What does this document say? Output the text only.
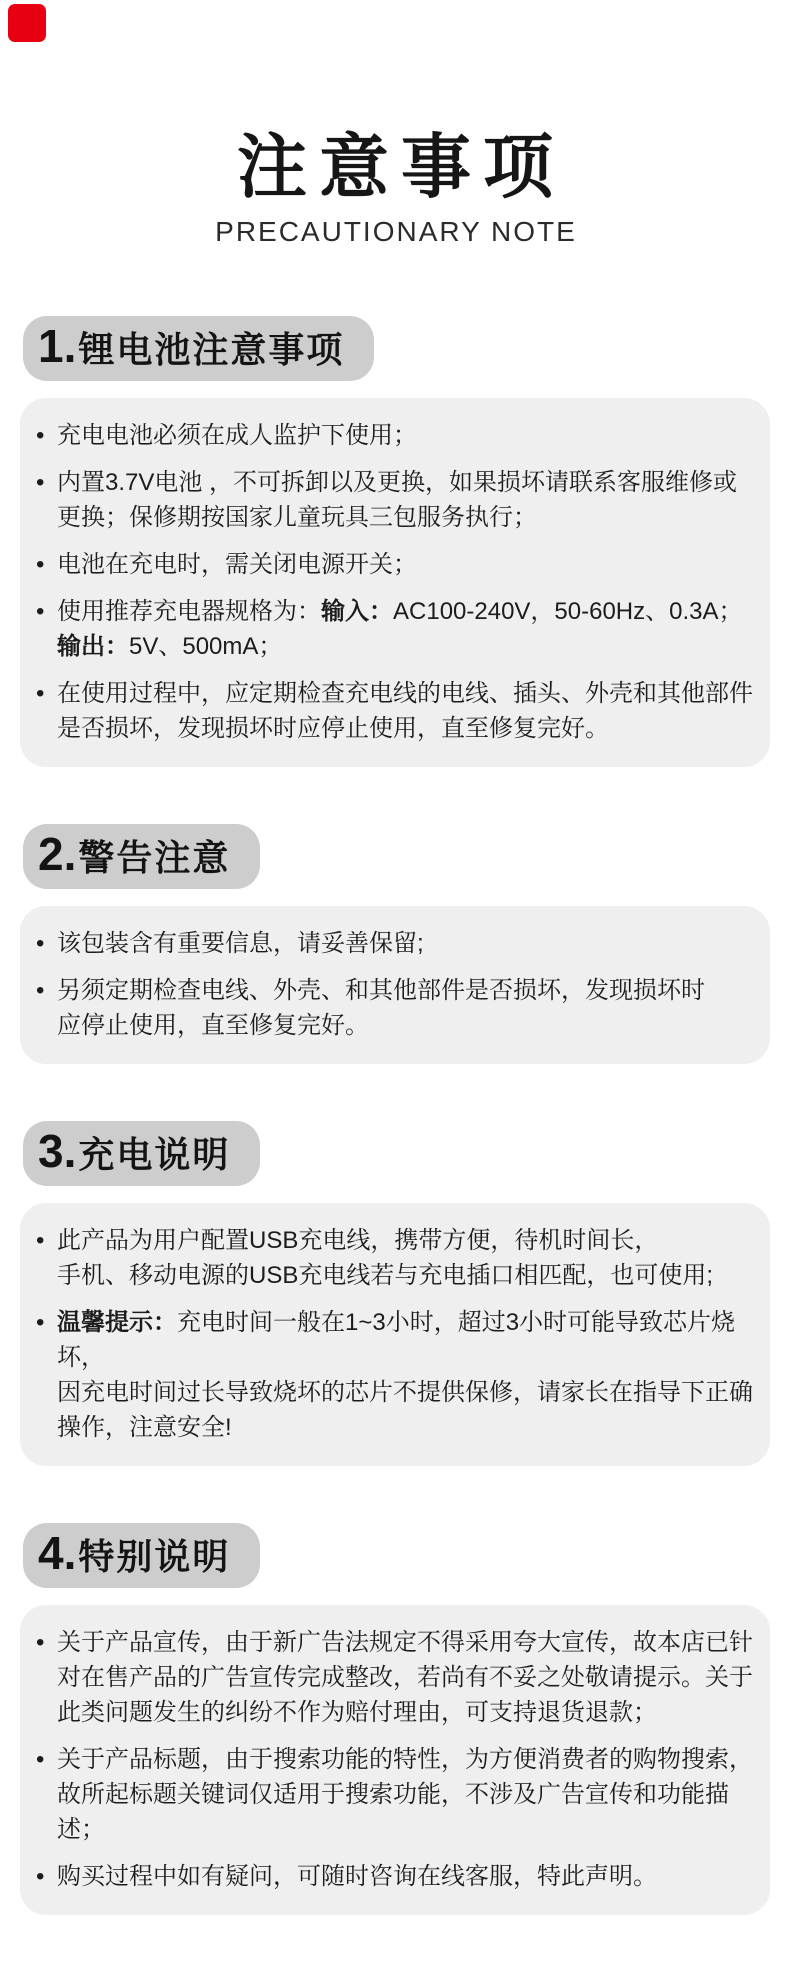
注意事项
PRECAUTIONARY NOTE
1. 锂电池注意事项
• 充电电池必须在成人监护下使用；
• 内置3.7V电池 ，不可拆卸以及更换，如果损坏请联系客服维修或
更换；保修期按国家儿童玩具三包服务执行；
• 电池在充电时，需关闭电源开关；
• 使用推荐充电器规格为：输入：AC100-240V，50-60Hz、0.3A；
输出：5V、500mA；
• 在使用过程中，应定期检查充电线的电线、插头、外壳和其他部件
是否损坏，发现损坏时应停止使用，直至修复完好。
2. 警告注意
• 该包装含有重要信息，请妥善保留;
• 另须定期检查电线、外壳、和其他部件是否损坏，发现损坏时
应停止使用，直至修复完好。
3. 充电说明
• 此产品为用户配置USB充电线，携带方便，待机时间长，
手机、移动电源的USB充电线若与充电插口相匹配，也可使用;
• 温馨提示：充电时间一般在1~3小时，超过3小时可能导致芯片烧坏，
因充电时间过长导致烧坏的芯片不提供保修，请家长在指导下正确
操作，注意安全!
4. 特别说明
• 关于产品宣传，由于新广告法规定不得采用夸大宣传，故本店已针
对在售产品的广告宣传完成整改，若尚有不妥之处敬请提示。关于
此类问题发生的纠纷不作为赔付理由，可支持退货退款；
• 关于产品标题，由于搜索功能的特性，为方便消费者的购物搜索，
故所起标题关键词仅适用于搜索功能，不涉及广告宣传和功能描述；
• 购买过程中如有疑问，可随时咨询在线客服，特此声明。
